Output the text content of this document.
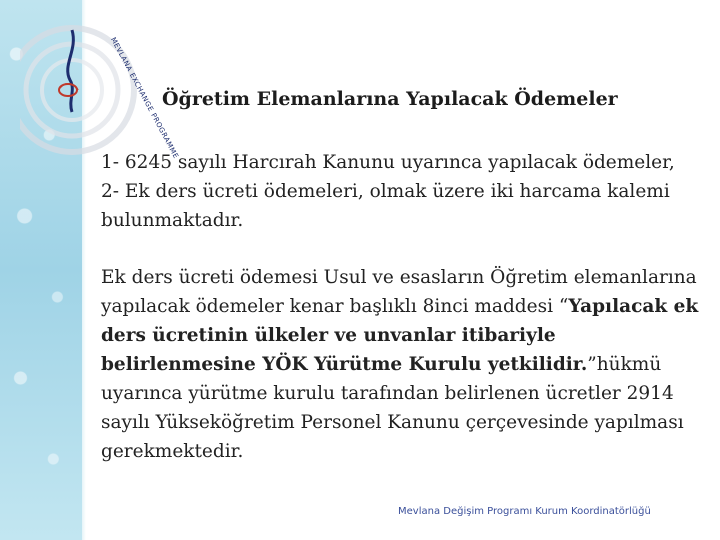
MEVLANA EXCHANGE PROGRAMME
Öğretim Elemanlarına Yapılacak Ödemeler

1- 6245 sayılı Harcırah Kanunu uyarınca yapılacak ödemeler,

2- Ek ders ücreti ödemeleri, olmak üzere iki harcama kalemi bulunmaktadır.

Ek ders ücreti ödemesi Usul ve esasların Öğretim elemanlarına yapılacak ödemeler kenar başlıklı 8inci maddesi “Yapılacak ek ders ücretinin ülkeler ve unvanlar itibariyle belirlenmesine YÖK Yürütme Kurulu yetkilidir.”hükmü uyarınca yürütme kurulu tarafından belirlenen ücretler 2914 sayılı Yükseköğretim Personel Kanunu çerçevesinde yapılması gerekmektedir.

Mevlana Değişim Programı Kurum Koordinatörlüğü
